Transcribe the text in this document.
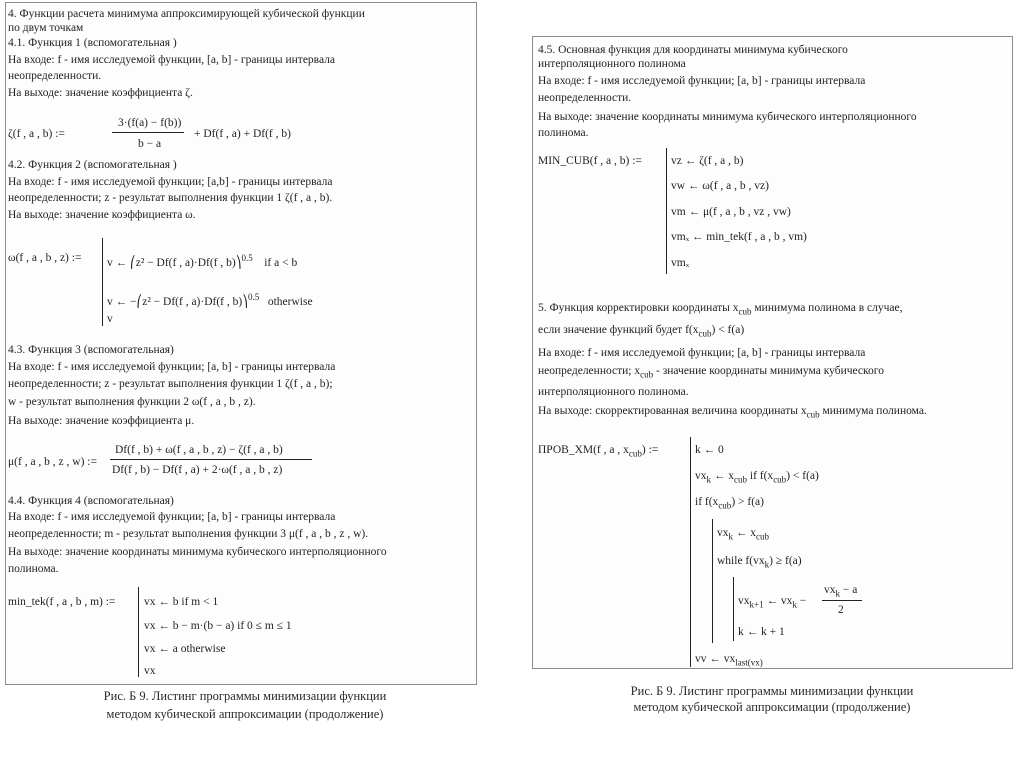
4. Функции расчета минимума аппроксимирующей кубической функции
по двум точкам
4.1. Функция 1 (вспомогательная )
На входе: f - имя исследуемой функции, [a, b] - границы интервала
неопределенности.
На выходе: значение коэффициента ζ.
ζ(f , a , b) :=
3·(f(a) − f(b))
b − a
+ Df(f , a) + Df(f , b)
4.2. Функция 2 (вспомогательная )
На входе: f - имя исследуемой функции; [a,b] - границы интервала
неопределенности; z - результат выполнения функции 1 ζ(f , a , b).
На выходе: значение коэффициента ω.
ω(f , a , b , z) := v ← ⎛z² − Df(f , a)·Df(f , b)⎞$^{0.5}$ if a < b
v ← −⎛z² − Df(f , a)·Df(f , b)⎞$^{0.5}$ otherwise
v
4.3. Функция 3 (вспомогательная)
На входе: f - имя исследуемой функции; [a, b] - границы интервала
неопределенности; z - результат выполнения функции 1 ζ(f , a , b);
w - результат выполнения функции 2 ω(f , a , b , z).
На выходе: значение коэффициента μ.
μ(f , a , b , z , w) :=
Df(f , b) + ω(f , a , b , z) − ζ(f , a , b)
Df(f , b) − Df(f , a) + 2·ω(f , a , b , z)
4.4. Функция 4 (вспомогательная)
На входе: f - имя исследуемой функции; [a, b] - границы интервала
неопределенности; m - результат выполнения функции 3 μ(f , a , b , z , w).
На выходе: значение координаты минимума кубического интерполяционного
полинома.
min_tek(f , a , b , m) := vx ← b if m < 1
vx ← b − m·(b − a) if 0 ≤ m ≤ 1
vx ← a otherwise
vx
Рис. Б 9. Листинг программы минимизации функции
методом кубической аппроксимации (продолжение)
4.5. Основная функция для координаты минимума кубического
интерполяционного полинома
На входе: f - имя исследуемой функции; [a, b] - границы интервала
неопределенности.
На выходе: значение координаты минимума кубического интерполяционного
полинома.
MIN_CUB(f , a , b) :=	vz ← ζ(f , a , b)
vw ← ω(f , a , b , vz)
vm ← μ(f , a , b , vz , vw)
vmₓ ← min_tek(f , a , b , vm)
vmₓ
5. Функция корректировки координаты $x_{cub}$ минимума полинома в случае,
если значение функций будет $f(x_{cub}) < f(a)$
На входе: f - имя исследуемой функции; [a, b] - границы интервала
неопределенности; $x_{cub}$ - значение координаты минимума кубического
интерполяционного полинома.
На выходе: скорректированная величина координаты $x_{cub}$ минимума полинома.
ПРОВ_XM(f , a , $x_{cub}$) :=	k ← 0
$vx_k$ ← $x_{cub}$ if $f(x_{cub}) < f(a)$
if $f(x_{cub}) > f(a)$
$vx_k$ ← $x_{cub}$
while $f(vx_k) \ge f(a)$
$vx_{k+1}$ ← $vx_k$ −
$vx_k - a$
2
k ← k + 1
vv ← $vx_{last(vx)}$
Рис. Б 9. Листинг программы минимизации функции
методом кубической аппроксимации (продолжение)
